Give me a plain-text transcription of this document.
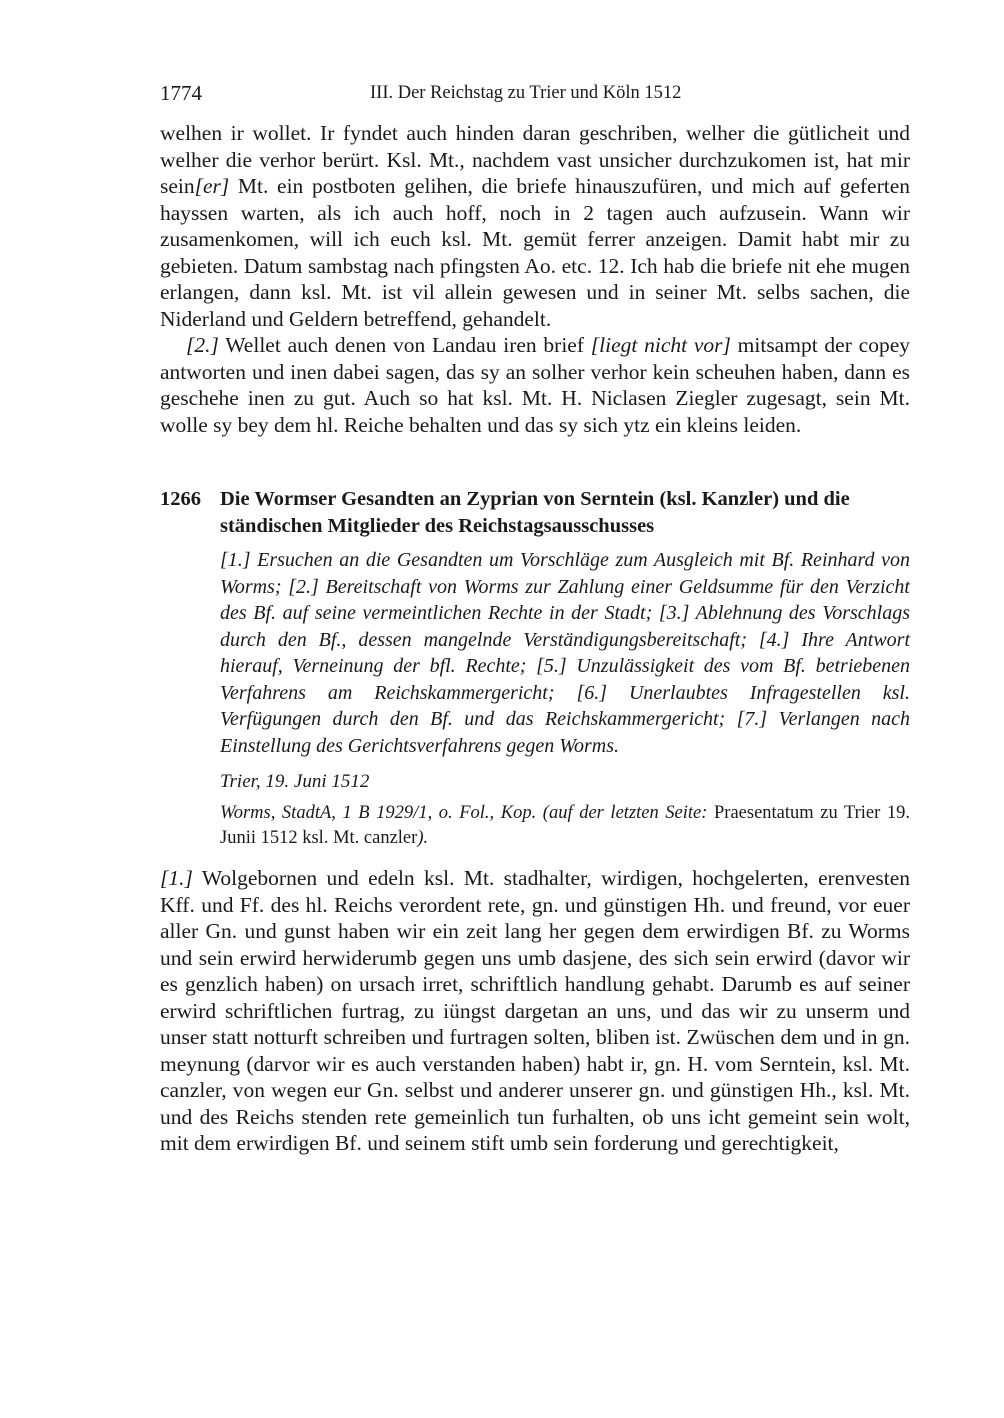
1774	III. Der Reichstag zu Trier und Köln 1512

welhen ir wollet. Ir fyndet auch hinden daran geschriben, welher die gütlicheit und welher die verhor berürt. Ksl. Mt., nachdem vast unsicher durchzukomen ist, hat mir sein[er] Mt. ein postboten gelihen, die briefe hinauszufüren, und mich auf geferten hayssen warten, als ich auch hoff, noch in 2 tagen auch aufzusein. Wann wir zusamenkomen, will ich euch ksl. Mt. gemüt ferrer anzeigen. Damit habt mir zu gebieten. Datum sambstag nach pfingsten Ao. etc. 12. Ich hab die briefe nit ehe mugen erlangen, dann ksl. Mt. ist vil allein gewesen und in seiner Mt. selbs sachen, die Niderland und Geldern betreffend, gehandelt.

[2.] Wellet auch denen von Landau iren brief [liegt nicht vor] mitsampt der copey antworten und inen dabei sagen, das sy an solher verhor kein scheuhen haben, dann es geschehe inen zu gut. Auch so hat ksl. Mt. H. Niclasen Ziegler zugesagt, sein Mt. wolle sy bey dem hl. Reiche behalten und das sy sich ytz ein kleins leiden.

1266 Die Wormser Gesandten an Zyprian von Serntein (ksl. Kanzler) und die ständischen Mitglieder des Reichstagsausschusses

[1.] Ersuchen an die Gesandten um Vorschläge zum Ausgleich mit Bf. Reinhard von Worms; [2.] Bereitschaft von Worms zur Zahlung einer Geldsumme für den Verzicht des Bf. auf seine vermeintlichen Rechte in der Stadt; [3.] Ablehnung des Vorschlags durch den Bf., dessen mangelnde Verständigungsbereitschaft; [4.] Ihre Antwort hierauf, Verneinung der bfl. Rechte; [5.] Unzulässigkeit des vom Bf. betriebenen Verfahrens am Reichskammergericht; [6.] Unerlaubtes Infragestellen ksl. Verfügungen durch den Bf. und das Reichskammergericht; [7.] Verlangen nach Einstellung des Gerichtsverfahrens gegen Worms.

Trier, 19. Juni 1512

Worms, StadtA, 1 B 1929/1, o. Fol., Kop. (auf der letzten Seite: Praesentatum zu Trier 19. Junii 1512 ksl. Mt. canzler).

[1.] Wolgebornen und edeln ksl. Mt. stadhalter, wirdigen, hochgelerten, erenvesten Kff. und Ff. des hl. Reichs verordent rete, gn. und günstigen Hh. und freund, vor euer aller Gn. und gunst haben wir ein zeit lang her gegen dem erwirdigen Bf. zu Worms und sein erwird herwiderumb gegen uns umb dasjene, des sich sein erwird (davor wir es genzlich haben) on ursach irret, schriftlich handlung gehabt. Darumb es auf seiner erwird schriftlichen furtrag, zu iüngst dargetan an uns, und das wir zu unserm und unser statt notturft schreiben und furtragen solten, bliben ist. Zwüschen dem und in gn. meynung (darvor wir es auch verstanden haben) habt ir, gn. H. vom Serntein, ksl. Mt. canzler, von wegen eur Gn. selbst und anderer unserer gn. und günstigen Hh., ksl. Mt. und des Reichs stenden rete gemeinlich tun furhalten, ob uns icht gemeint sein wolt, mit dem erwirdigen Bf. und seinem stift umb sein forderung und gerechtigkeit,
